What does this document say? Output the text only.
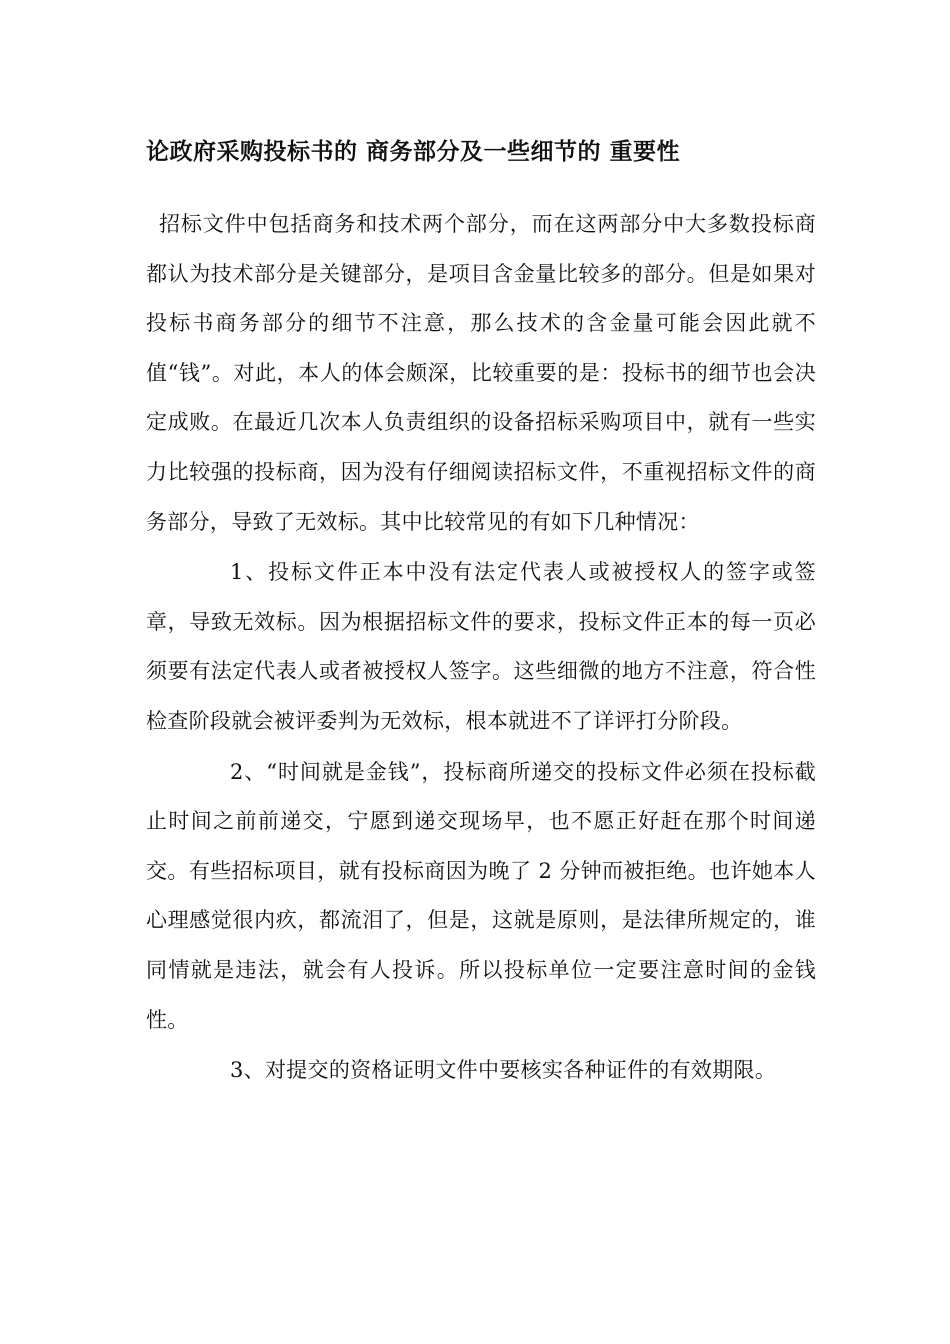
论政府采购投标书的 商务部分及一些细节的 重要性

招标文件中包括商务和技术两个部分，而在这两部分中大多数投标商都认为技术部分是关键部分，是项目含金量比较多的部分。但是如果对投标书商务部分的细节不注意，那么技术的含金量可能会因此就不值“钱”。对此，本人的体会颇深，比较重要的是：投标书的细节也会决定成败。在最近几次本人负责组织的设备招标采购项目中，就有一些实力比较强的投标商，因为没有仔细阅读招标文件，不重视招标文件的商务部分，导致了无效标。其中比较常见的有如下几种情况：

1、投标文件正本中没有法定代表人或被授权人的签字或签章，导致无效标。因为根据招标文件的要求，投标文件正本的每一页必须要有法定代表人或者被授权人签字。这些细微的地方不注意，符合性检查阶段就会被评委判为无效标，根本就进不了详评打分阶段。

2、“时间就是金钱”，投标商所递交的投标文件必须在投标截止时间之前前递交，宁愿到递交现场早，也不愿正好赶在那个时间递交。有些招标项目，就有投标商因为晚了 2 分钟而被拒绝。也许她本人心理感觉很内疚，都流泪了，但是，这就是原则，是法律所规定的，谁同情就是违法，就会有人投诉。所以投标单位一定要注意时间的金钱性。

3、对提交的资格证明文件中要核实各种证件的有效期限。
